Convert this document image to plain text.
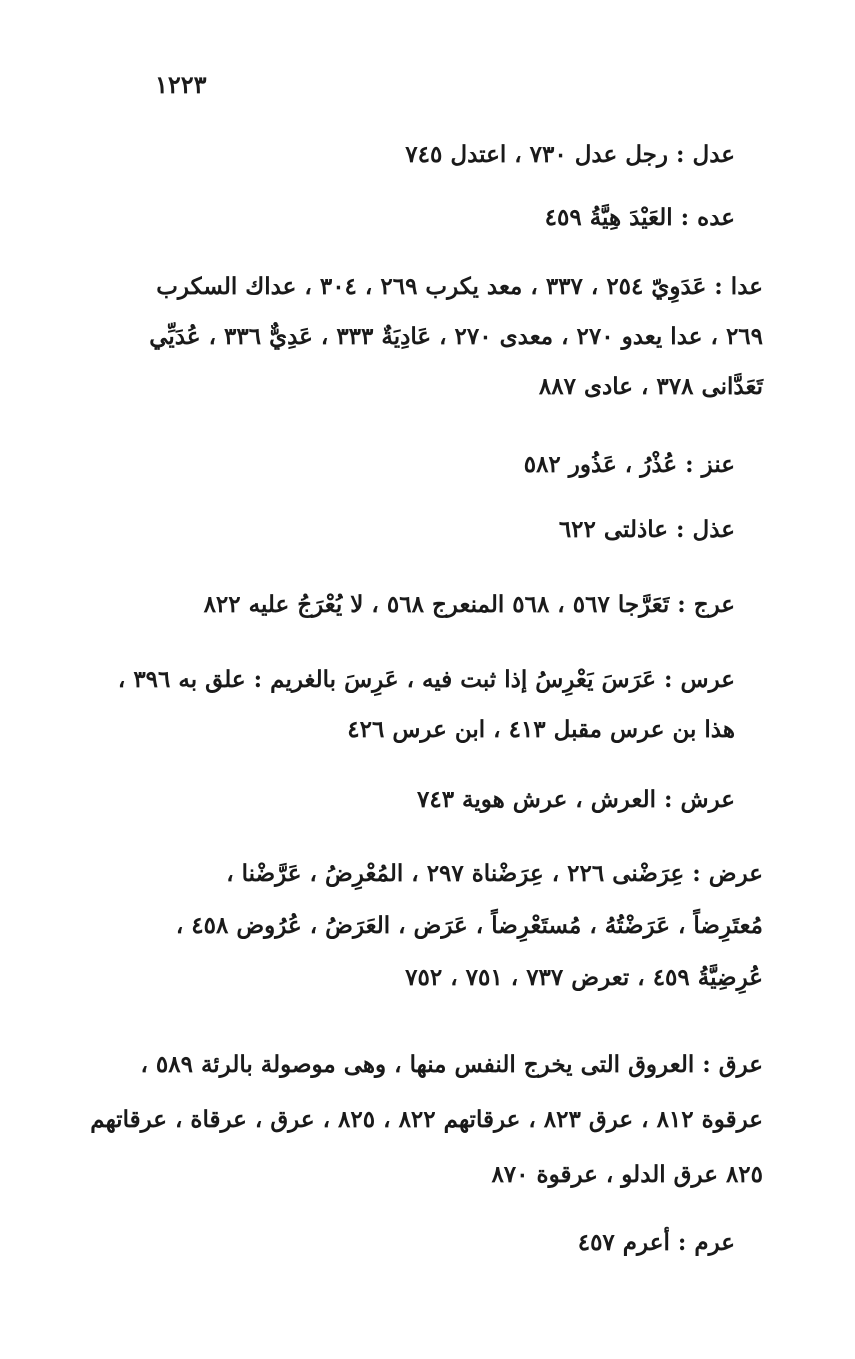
١٢٢٣
عدل : رجل عدل ٧٣٠ ، اعتدل ٧٤٥
عده : العَيْدَ هِيَّةُ ٤٥٩
عدا : عَدَوِيّ ٢٥٤ ، ٣٣٧ ، معد يكرب ٢٦٩ ، ٣٠٤ ، عداك السكرب
٢٦٩ ، عدا يعدو ٢٧٠ ، معدى ٢٧٠ ، عَادِيَةٌ ٣٣٣ ، عَدِيٌّ ٣٣٦ ، عُدَيِّي
تَعَدَّانى ٣٧٨ ، عادى ٨٨٧
عنز : عُذْرُ ، عَذُور ٥٨٢
عذل : عاذلتى ٦٢٢
عرج : تَعَرَّجا ٥٦٧ ، ٥٦٨ المنعرج ٥٦٨ ، لا يُعْرَجُ عليه ٨٢٢
عرس : عَرَسَ يَعْرِسُ إذا ثبت فيه ، عَرِسَ بالغريم : علق به ٣٩٦ ،
هذا بن عرس مقبل ٤١٣ ، ابن عرس ٤٢٦
عرش : العرش ، عرش هوية ٧٤٣
عرض : عِرَضْنى ٢٢٦ ، عِرَضْناة ٢٩٧ ، المُعْرِضُ ، عَرَّضْنا ،
مُعتَرِضاً ، عَرَضْتُهُ ، مُستَعْرِضاً ، عَرَض ، العَرَضُ ، عُرُوض ٤٥٨ ،
عُرِضِيَّةُ ٤٥٩ ، تعرض ٧٣٧ ، ٧٥١ ، ٧٥٢
عرق : العروق التى يخرج النفس منها ، وهى موصولة بالرئة ٥٨٩ ،
عرقوة ٨١٢ ، عرق ٨٢٣ ، عرقاتهم ٨٢٢ ، ٨٢٥ ، عرق ، عرقاة ، عرقاتهم
٨٢٥ عرق الدلو ، عرقوة ٨٧٠
عرم : أعرم ٤٥٧
